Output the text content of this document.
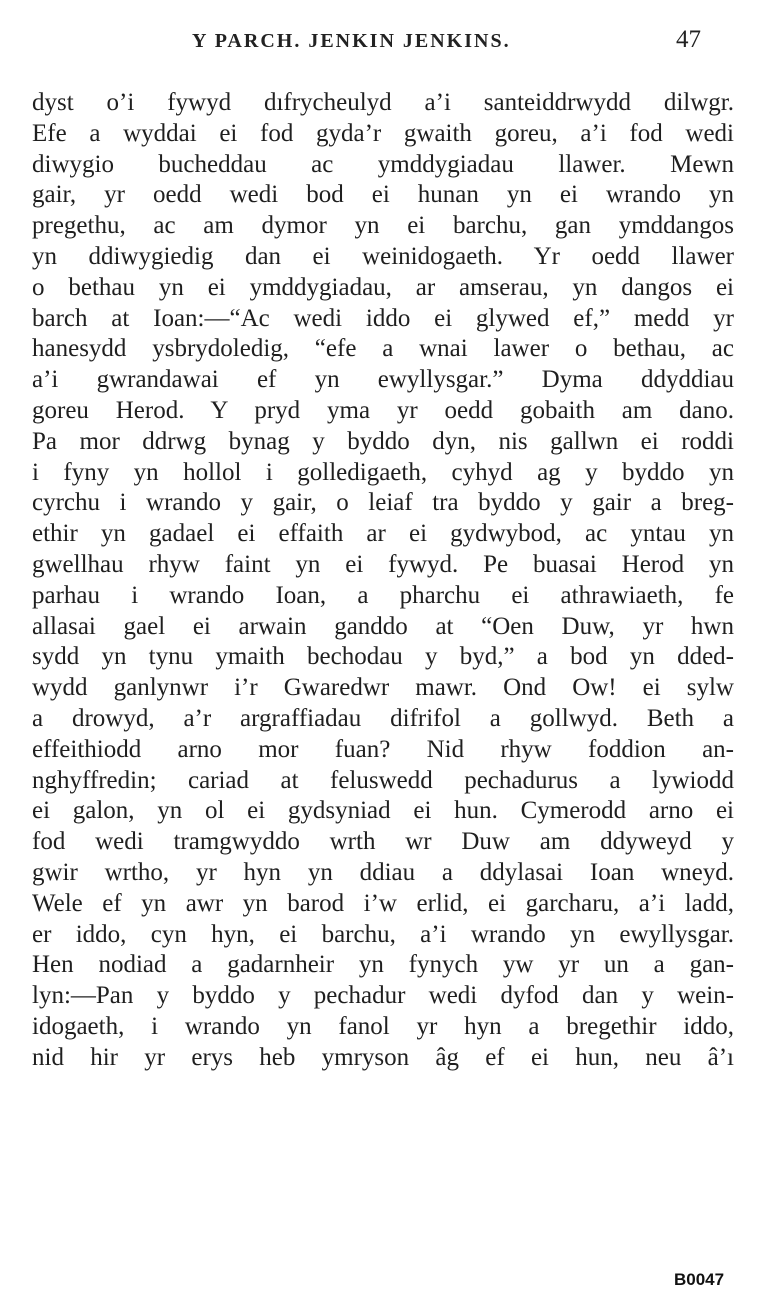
Y PARCH. JENKIN JENKINS.	47
dyst o’i fywyd dıfrycheulyd a’i santeiddrwydd dilwgr.
Efe a wyddai ei fod gyda’r gwaith goreu, a’i fod wedi
diwygio bucheddau ac ymddygiadau llawer. Mewn
gair, yr oedd wedi bod ei hunan yn ei wrando yn
pregethu, ac am dymor yn ei barchu, gan ymddangos
yn ddiwygiedig dan ei weinidogaeth. Yr oedd llawer
o bethau yn ei ymddygiadau, ar amserau, yn dangos ei
barch at Ioan:—“Ac wedi iddo ei glywed ef,” medd yr
hanesydd ysbrydoledig, “efe a wnai lawer o bethau, ac
a’i gwrandawai ef yn ewyllysgar.” Dyma ddyddiau
goreu Herod. Y pryd yma yr oedd gobaith am dano.
Pa mor ddrwg bynag y byddo dyn, nis gallwn ei roddi
i fyny yn hollol i golledigaeth, cyhyd ag y byddo yn
cyrchu i wrando y gair, o leiaf tra byddo y gair a breg-
ethir yn gadael ei effaith ar ei gydwybod, ac yntau yn
gwellhau rhyw faint yn ei fywyd. Pe buasai Herod yn
parhau i wrando Ioan, a pharchu ei athrawiaeth, fe
allasai gael ei arwain ganddo at “Oen Duw, yr hwn
sydd yn tynu ymaith bechodau y byd,” a bod yn dded-
wydd ganlynwr i’r Gwaredwr mawr. Ond Ow! ei sylw
a drowyd, a’r argraffiadau difrifol a gollwyd. Beth a
effeithiodd arno mor fuan? Nid rhyw foddion an-
nghyffredin; cariad at feluswedd pechadurus a lywiodd
ei galon, yn ol ei gydsyniad ei hun. Cymerodd arno ei
fod wedi tramgwyddo wrth wr Duw am ddyweyd y
gwir wrtho, yr hyn yn ddiau a ddylasai Ioan wneyd.
Wele ef yn awr yn barod i’w erlid, ei garcharu, a’i ladd,
er iddo, cyn hyn, ei barchu, a’i wrando yn ewyllysgar.
Hen nodiad a gadarnheir yn fynych yw yr un a gan-
lyn:—Pan y byddo y pechadur wedi dyfod dan y wein-
idogaeth, i wrando yn fanol yr hyn a bregethir iddo,
nid hir yr erys heb ymryson âg ef ei hun, neu â’ı
B0047
